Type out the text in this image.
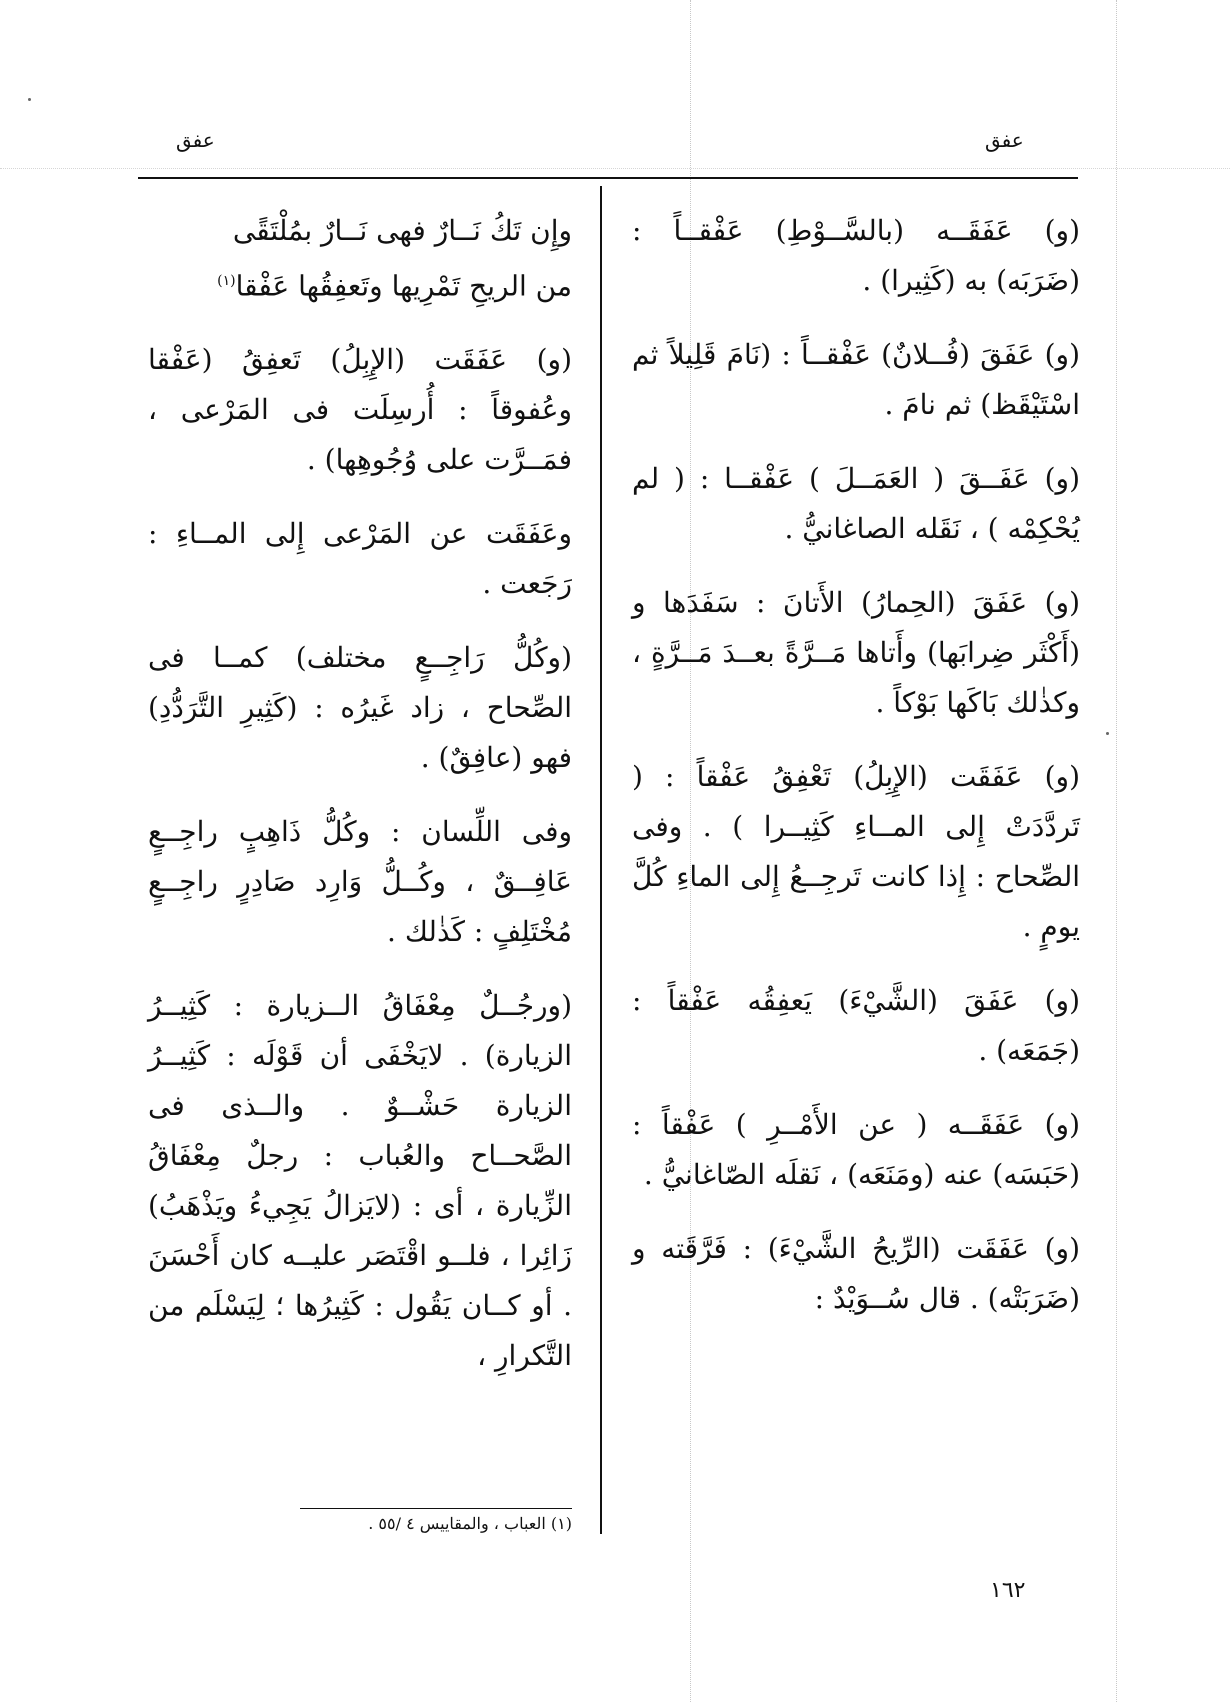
عفق	عفق

(و) عَفَقَــه (بالسَّــوْطِ) عَفْقــاً : (ضَرَبَه) به (كَثِيرا) .

(و) عَفَقَ (فُــلانٌ) عَفْقــاً : (نَامَ قَلِيلاً ثم اسْتَيْقَظ) ثم نامَ .

(و) عَفَــقَ ( العَمَــلَ ) عَفْقــا : ( لم يُحْكِمْه ) ، نَقَله الصاغانيُّ .

(و) عَفَقَ (الحِمارُ) الأَتانَ : سَفَدَها و (أَكْثَر ضِرابَها) وأَتاها مَــرَّةً بعــدَ مَــرَّةٍ ، وكذٰلك بَاكَها بَوْكاً .

(و) عَفَقَت (الإِبِلُ) تَعْفِقُ عَفْقاً : ( تَردَّدَتْ إِلى المــاءِ كَثِيــرا ) . وفى الصِّحاح : إِذا كانت تَرجِــعُ إِلى الماءِ كُلَّ يومٍ .

(و) عَفَقَ (الشَّيْءَ) يَعفِقُه عَفْقاً : (جَمَعَه) .

(و) عَفَقَــه ( عن الأَمْــرِ ) عَفْقاً : (حَبَسَه) عنه (ومَنَعَه) ، نَقلَه الصّاغانيُّ .

(و) عَفَقَت (الرِّيحُ الشَّيْءَ) : فَرَّقَته و (ضَرَبَتْه) . قال سُــوَيْدٌ :

وإِن تَكُ نَــارٌ فهى نَــارٌ بمُلْتَقًى
من الريحِ تَمْرِيها وتَعفِقُها عَفْقا$^{(١)}$

(و) عَفَقَت (الإِبِلُ) تَعفِقُ (عَفْقا وعُفوقاً : أُرسِلَت فى المَرْعى ، فمَــرَّت على وُجُوهِها) .

وعَفَقَت عن المَرْعى إِلى المــاءِ : رَجَعت .

(وكُلُّ رَاجِــعٍ مختلف) كمــا فى الصِّحاح ، زاد غَيرُه : (كَثِيرِ التَّرَدُّدِ) فهو (عافِقٌ) .

وفى اللِّسان : وكُلُّ ذَاهِبٍ راجِــعٍ عَافِــقٌ ، وكُــلُّ وَارِد صَادِرٍ راجِــعٍ مُخْتَلِفٍ : كَذٰلك .

(ورجُــلٌ مِعْفَاقُ الــزيارة : كَثِيــرُ الزيارة) . لايَخْفَى أن قَوْلَه : كَثِيــرُ الزيارة حَشْــوٌ . والــذى فى الصَّحــاح والعُباب : رجلٌ مِعْفَاقُ الزِّيارة ، أى : (لايَزالُ يَجِيءُ ويَذْهَبُ) زَائِرا ، فلــو اقْتَصَر عليــه كان أَحْسَنَ . أو كــان يَقُول : كَثِيرُها ؛ لِيَسْلَم من التَّكرارِ ،

(١) العباب ، والمقاييس ٤ /٥٥ .
١٦٢
